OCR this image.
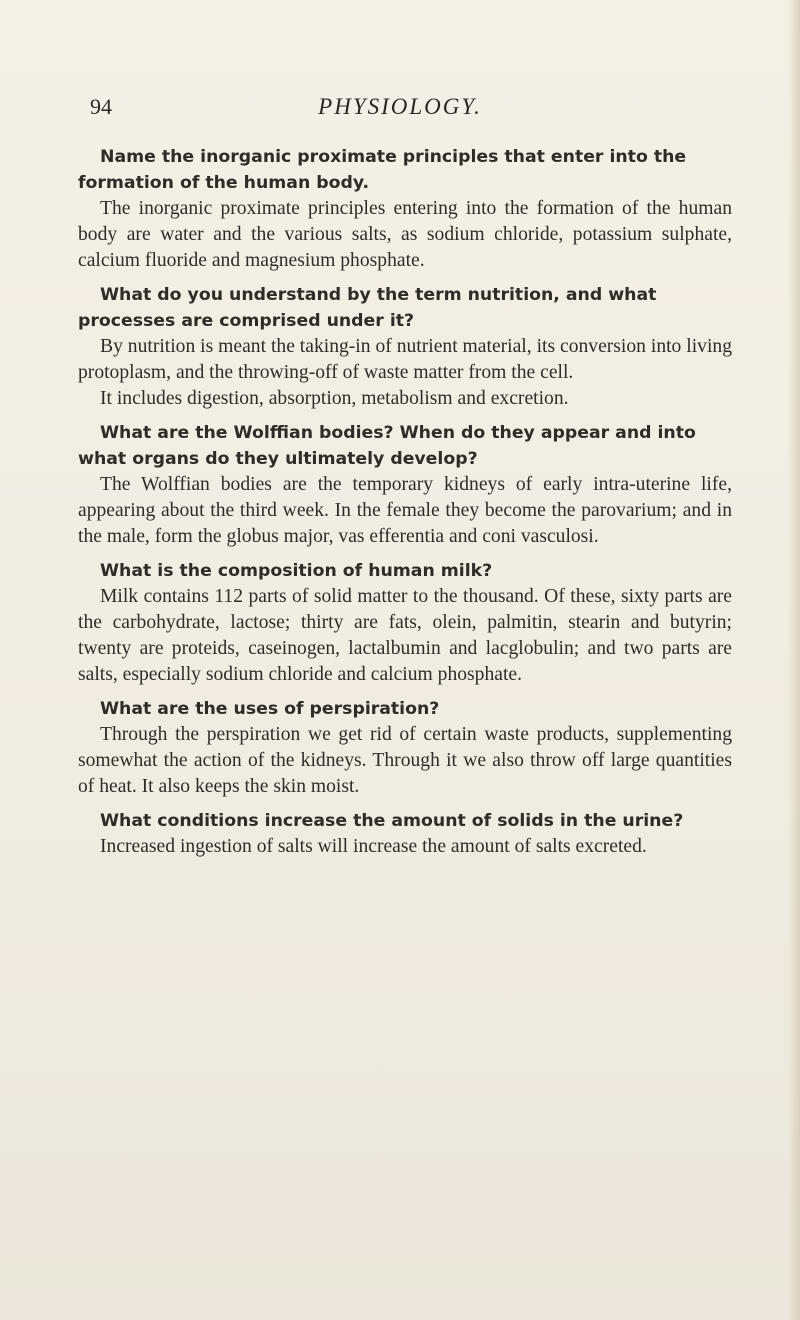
PHYSIOLOGY.
94

Name the inorganic proximate principles that enter into the formation of the human body.

The inorganic proximate principles entering into the formation of the human body are water and the various salts, as sodium chloride, potassium sulphate, calcium fluoride and magnesium phosphate.

What do you understand by the term nutrition, and what processes are comprised under it?

By nutrition is meant the taking-in of nutrient material, its conversion into living protoplasm, and the throwing-off of waste matter from the cell.

It includes digestion, absorption, metabolism and excretion.

What are the Wolffian bodies? When do they appear and into what organs do they ultimately develop?

The Wolffian bodies are the temporary kidneys of early intra-uterine life, appearing about the third week. In the female they become the parovarium; and in the male, form the globus major, vas efferentia and coni vasculosi.

What is the composition of human milk?

Milk contains 112 parts of solid matter to the thousand. Of these, sixty parts are the carbohydrate, lactose; thirty are fats, olein, palmitin, stearin and butyrin; twenty are proteids, caseinogen, lactalbumin and lacglobulin; and two parts are salts, especially sodium chloride and calcium phosphate.

What are the uses of perspiration?

Through the perspiration we get rid of certain waste products, supplementing somewhat the action of the kidneys. Through it we also throw off large quantities of heat. It also keeps the skin moist.

What conditions increase the amount of solids in the urine?

Increased ingestion of salts will increase the amount of salts excreted.
